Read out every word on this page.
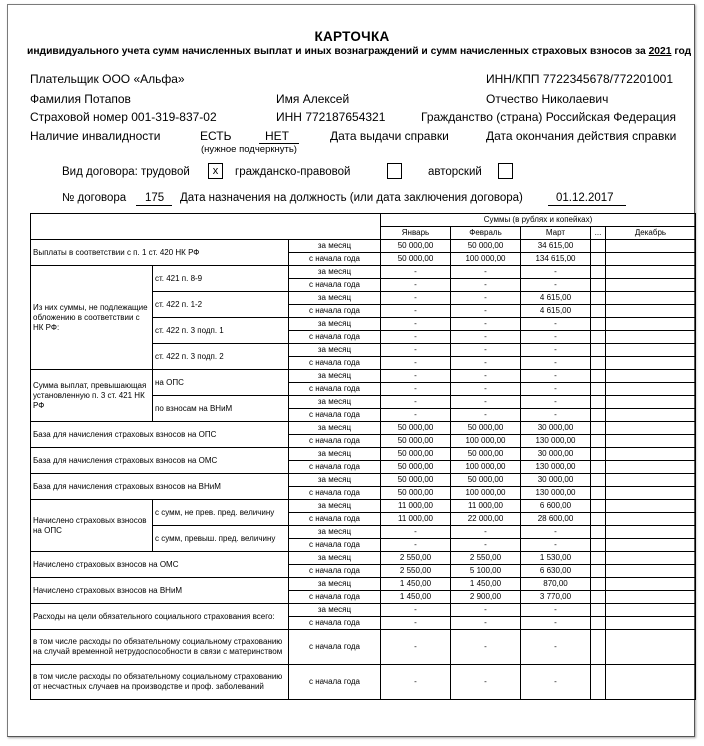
КАРТОЧКА
индивидуального учета сумм начисленных выплат и иных вознаграждений и сумм начисленных страховых взносов за 2021 год
Плательщик ООО «Альфа»	ИНН/КПП 7722345678/772201001
Фамилия Потапов	Имя Алексей	Отчество Николаевич
Страховой номер 001-319-837-02	ИНН 772187654321	Гражданство (страна) Российская Федерация
Наличие инвалидности	ЕСТЬ	НЕТ
(нужное подчеркнуть)
Дата выдачи справки	Дата окончания действия справки
Вид договора: трудовой	x	гражданско-правовой	авторский
№ договора 175 Дата назначения на должность (или дата заключения договора)	01.12.2017
			Суммы (в рублях и копейках)				
			Январь	Февраль	Март	...	Декабрь
Выплаты в соответствии с п. 1 ст. 420 НК РФ		за месяц	50 000,00	50 000,00	34 615,00		
		с начала года	50 000,00	100 000,00	134 615,00		
Из них суммы, не подлежащие обложению в соответствии с НК РФ:	ст. 421 п. 8-9	за месяц	-	-	-		
		с начала года	-	-	-		
	ст. 422 п. 1-2	за месяц	-	-	4 615,00		
		с начала года	-	-	4 615,00		
	ст. 422 п. 3 подп. 1	за месяц	-	-	-		
		с начала года	-	-	-		
	ст. 422 п. 3 подп. 2	за месяц	-	-	-		
		с начала года	-	-	-		
Сумма выплат, превышающая установленную п. 3 ст. 421 НК РФ	на ОПС	за месяц	-	-	-		
		с начала года	-	-	-		
	по взносам на ВНиМ	за месяц	-	-	-		
		с начала года	-	-	-		
База для начисления страховых взносов на ОПС		за месяц	50 000,00	50 000,00	30 000,00		
		с начала года	50 000,00	100 000,00	130 000,00		
База для начисления страховых взносов на ОМС		за месяц	50 000,00	50 000,00	30 000,00		
		с начала года	50 000,00	100 000,00	130 000,00		
База для начисления страховых взносов на ВНиМ		за месяц	50 000,00	50 000,00	30 000,00		
		с начала года	50 000,00	100 000,00	130 000,00		
Начислено страховых взносов на ОПС	с сумм, не прев. пред. величину	за месяц	11 000,00	11 000,00	6 600,00		
		с начала года	11 000,00	22 000,00	28 600,00		
	с сумм, превыш. пред. величину	за месяц	-	-	-		
		с начала года	-	-	-		
Начислено страховых взносов на ОМС		за месяц	2 550,00	2 550,00	1 530,00		
		с начала года	2 550,00	5 100,00	6 630,00		
Начислено страховых взносов на ВНиМ		за месяц	1 450,00	1 450,00	870,00		
		с начала года	1 450,00	2 900,00	3 770,00		
Расходы на цели обязательного социального страхования всего:		за месяц	-	-	-		
		с начала года	-	-	-		
в том числе расходы по обязательному социальному страхованию на случай временной нетрудоспособности в связи с материнством		с начала года	-	-	-		
в том числе расходы по обязательному социальному страхованию от несчастных случаев на производстве и проф. заболеваний		с начала года	-	-	-		
